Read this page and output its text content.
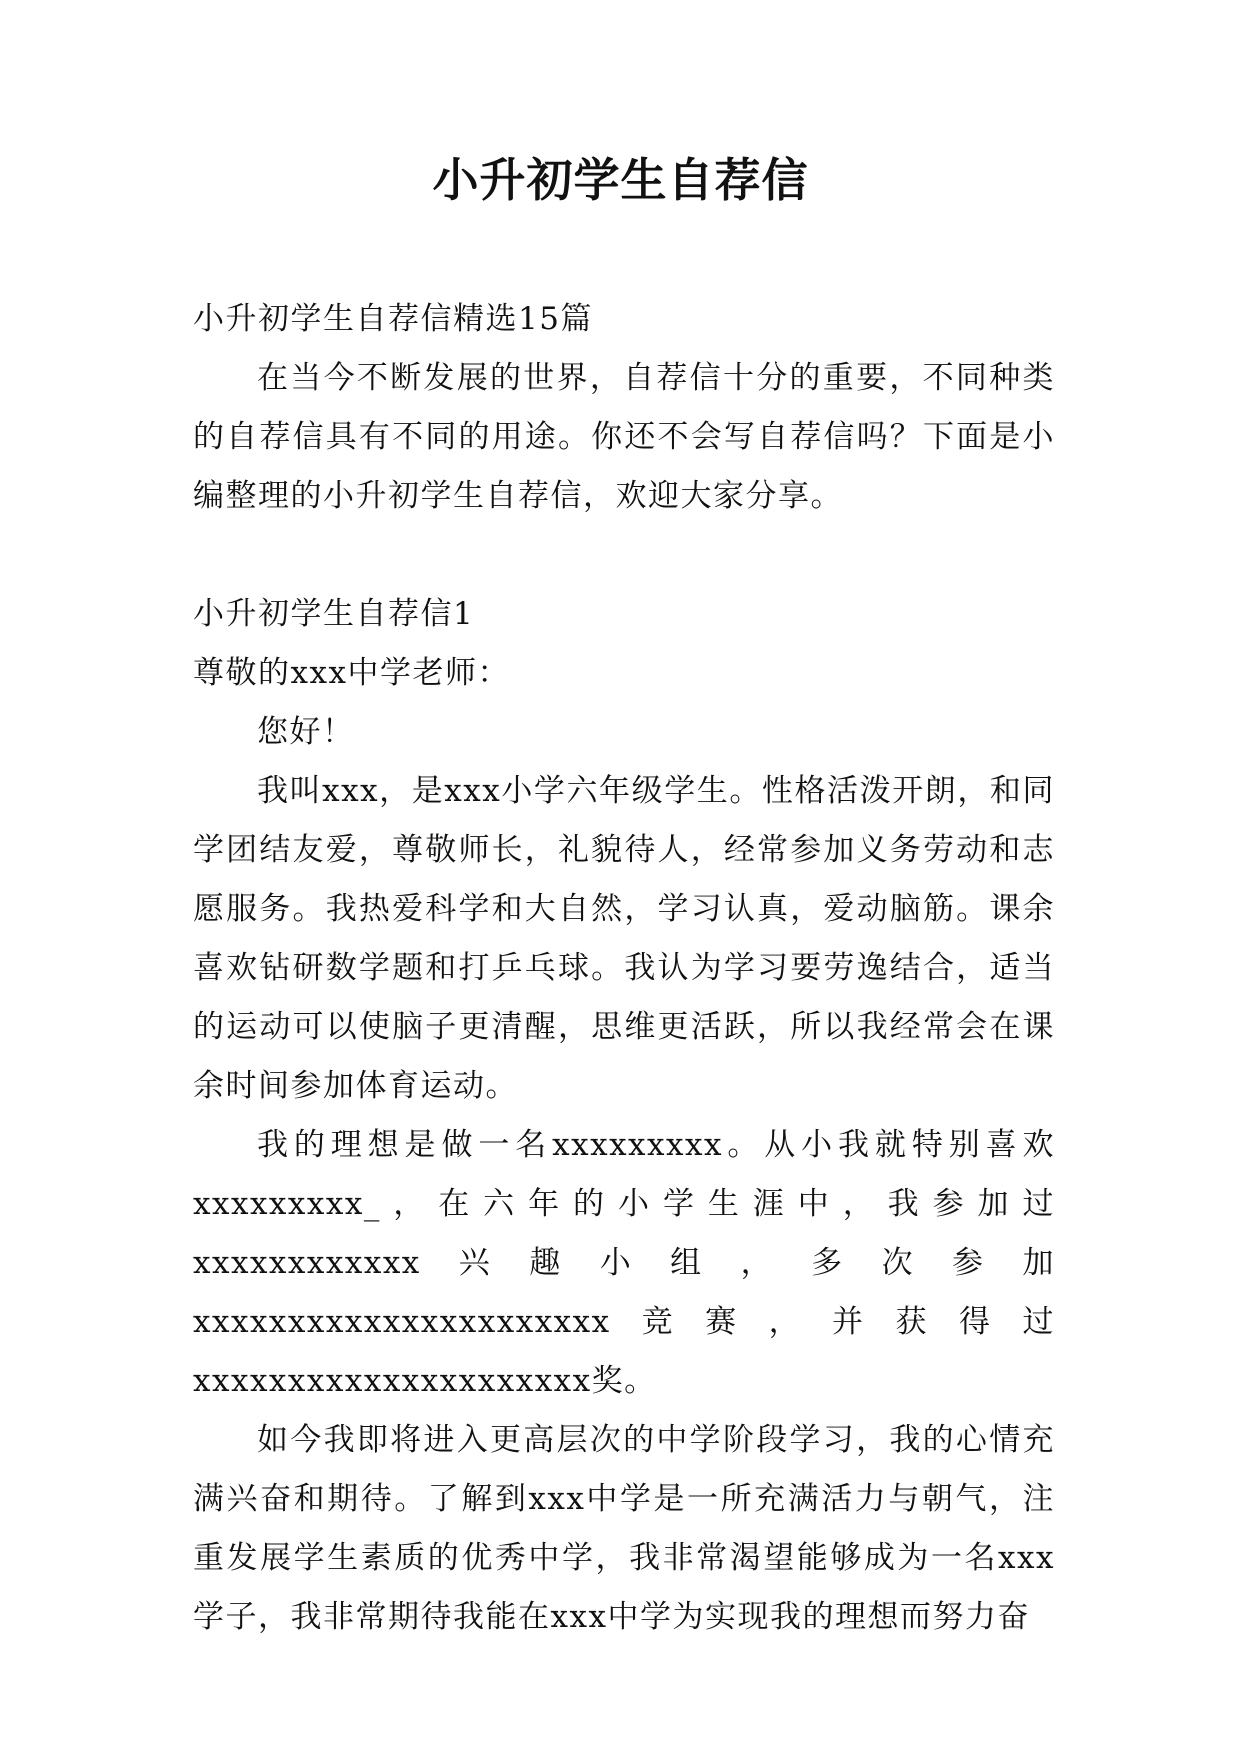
小升初学生自荐信

小升初学生自荐信精选15篇

在当今不断发展的世界，自荐信十分的重要，不同种类的自荐信具有不同的用途。你还不会写自荐信吗？下面是小编整理的小升初学生自荐信，欢迎大家分享。

小升初学生自荐信1

尊敬的xxx中学老师：

您好！

我叫xxx，是xxx小学六年级学生。性格活泼开朗，和同学团结友爱，尊敬师长，礼貌待人，经常参加义务劳动和志愿服务。我热爱科学和大自然，学习认真，爱动脑筋。课余喜欢钻研数学题和打乒乓球。我认为学习要劳逸结合，适当的运动可以使脑子更清醒，思维更活跃，所以我经常会在课余时间参加体育运动。

我的理想是做一名xxxxxxxxx。从小我就特别喜欢xxxxxxxxx_，在六年的小学生涯中，我参加过xxxxxxxxxxxx兴趣小组，多次参加xxxxxxxxxxxxxxxxxxxxxx竞赛，并获得过xxxxxxxxxxxxxxxxxxxxx奖。

如今我即将进入更高层次的中学阶段学习，我的心情充满兴奋和期待。了解到xxx中学是一所充满活力与朝气，注重发展学生素质的优秀中学，我非常渴望能够成为一名xxx学子，我非常期待我能在xxx中学为实现我的理想而努力奋
